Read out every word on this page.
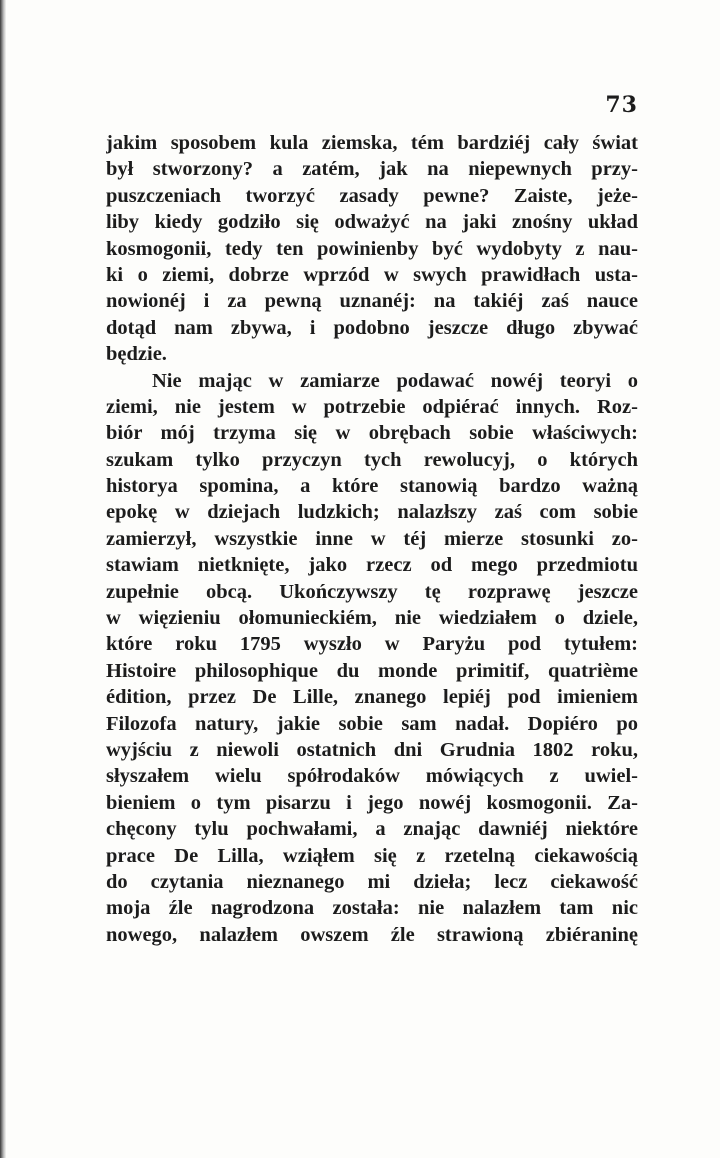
73
jakim sposobem kula ziemska, tém bardziéj cały świat
był stworzony? a zatém, jak na niepewnych przy-
puszczeniach tworzyć zasady pewne? Zaiste, jeże-
liby kiedy godziło się odważyć na jaki znośny układ
kosmogonii, tedy ten powinienby być wydobyty z nau-
ki o ziemi, dobrze wprzód w swych prawidłach usta-
nowionéj i za pewną uznanéj: na takiéj zaś nauce
dotąd nam zbywa, i podobno jeszcze długo zbywać
będzie.
Nie mając w zamiarze podawać nowéj teoryi o
ziemi, nie jestem w potrzebie odpiérać innych. Roz-
biór mój trzyma się w obrębach sobie właściwych:
szukam tylko przyczyn tych rewolucyj, o których
historya spomina, a które stanowią bardzo ważną
epokę w dziejach ludzkich; nalazłszy zaś com sobie
zamierzył, wszystkie inne w téj mierze stosunki zo-
stawiam nietknięte, jako rzecz od mego przedmiotu
zupełnie obcą. Ukończywszy tę rozprawę jeszcze
w więzieniu ołomunieckiém, nie wiedziałem o dziele,
które roku 1795 wyszło w Paryżu pod tytułem:
Histoire philosophique du monde primitif, quatrième
édition, przez De Lille, znanego lepiéj pod imieniem
Filozofa natury, jakie sobie sam nadał. Dopiéro po
wyjściu z niewoli ostatnich dni Grudnia 1802 roku,
słyszałem wielu spółrodaków mówiących z uwiel-
bieniem o tym pisarzu i jego nowéj kosmogonii. Za-
chęcony tylu pochwałami, a znając dawniéj niektóre
prace De Lilla, wziąłem się z rzetelną ciekawością
do czytania nieznanego mi dzieła; lecz ciekawość
moja źle nagrodzona została: nie nalazłem tam nic
nowego, nalazłem owszem źle strawioną zbiéraninę
